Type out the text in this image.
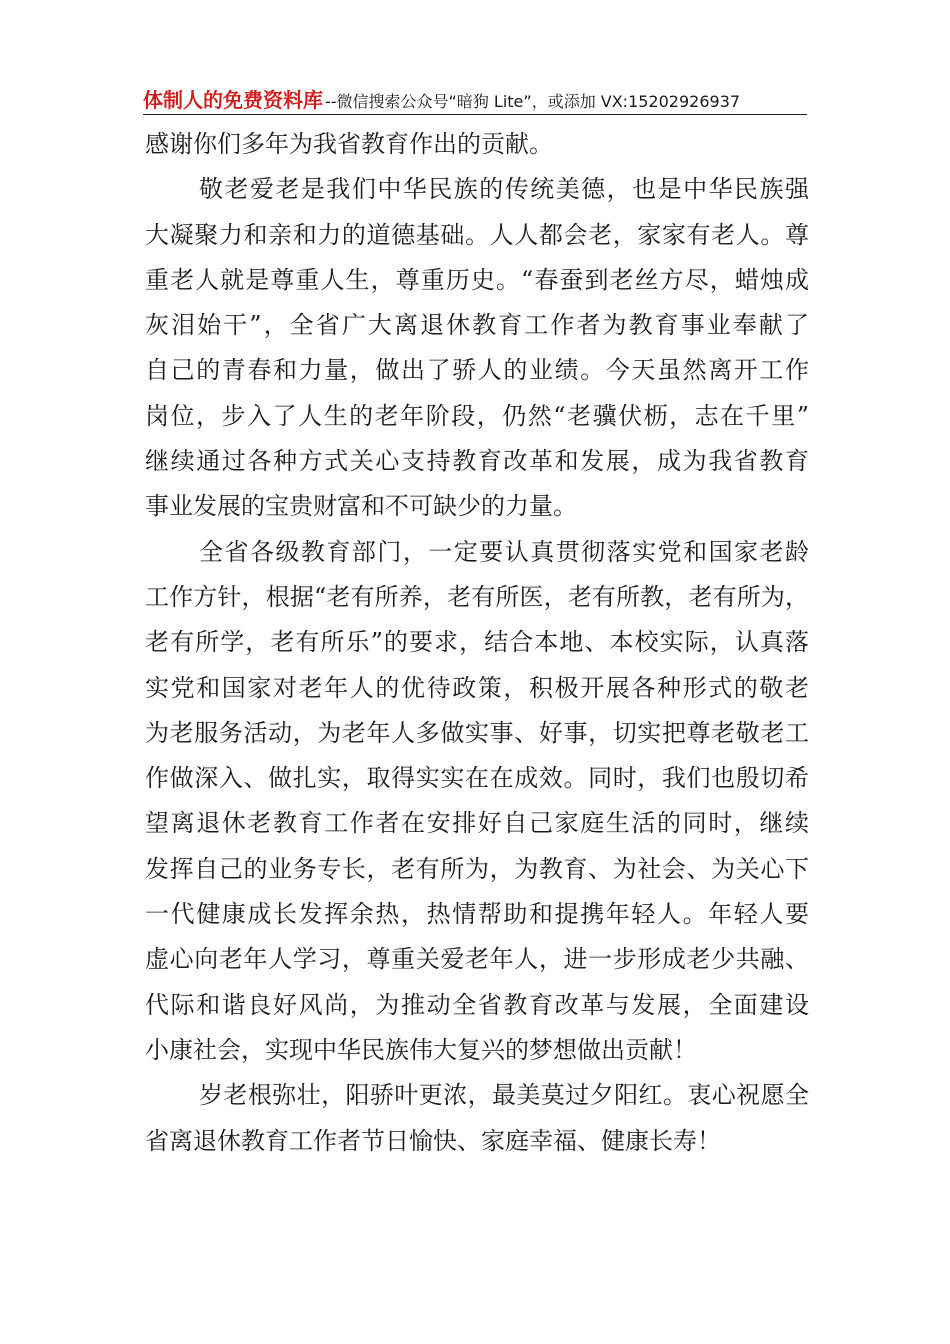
体制人的免费资料库 --微信搜索公众号“暗狗 Lite”，或添加 VX:15202926937
感谢你们多年为我省教育作出的贡献。
敬老爱老是我们中华民族的传统美德，也是中华民族强
大凝聚力和亲和力的道德基础。人人都会老，家家有老人。尊
重老人就是尊重人生，尊重历史。“春蚕到老丝方尽，蜡烛成
灰泪始干”，全省广大离退休教育工作者为教育事业奉献了
自己的青春和力量，做出了骄人的业绩。今天虽然离开工作
岗位，步入了人生的老年阶段，仍然“老骥伏枥，志在千里”
继续通过各种方式关心支持教育改革和发展，成为我省教育
事业发展的宝贵财富和不可缺少的力量。
全省各级教育部门，一定要认真贯彻落实党和国家老龄
工作方针，根据“老有所养，老有所医，老有所教，老有所为，
老有所学，老有所乐”的要求，结合本地、本校实际，认真落
实党和国家对老年人的优待政策，积极开展各种形式的敬老
为老服务活动，为老年人多做实事、好事，切实把尊老敬老工
作做深入、做扎实，取得实实在在成效。同时，我们也殷切希
望离退休老教育工作者在安排好自己家庭生活的同时，继续
发挥自己的业务专长，老有所为，为教育、为社会、为关心下
一代健康成长发挥余热，热情帮助和提携年轻人。年轻人要
虚心向老年人学习，尊重关爱老年人，进一步形成老少共融、
代际和谐良好风尚，为推动全省教育改革与发展，全面建设
小康社会，实现中华民族伟大复兴的梦想做出贡献！
岁老根弥壮，阳骄叶更浓，最美莫过夕阳红。衷心祝愿全
省离退休教育工作者节日愉快、家庭幸福、健康长寿！
